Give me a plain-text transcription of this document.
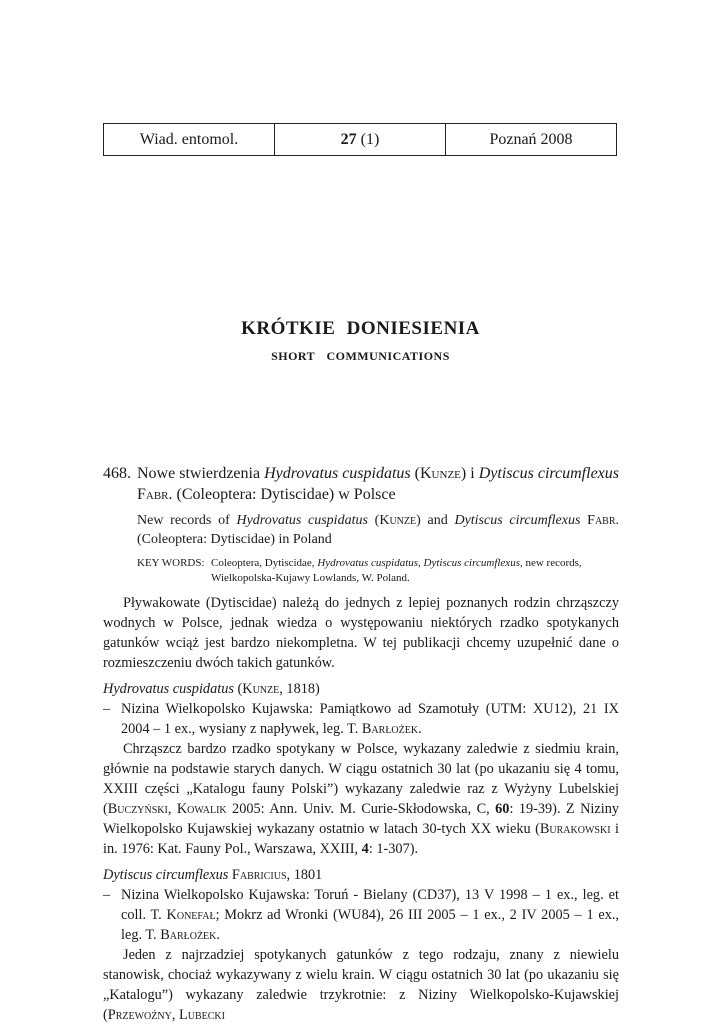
Wiad. entomol.	27 (1)	Poznań 2008
KRÓTKIE DONIESIENIA
SHORT COMMUNICATIONS
468. Nowe stwierdzenia Hydrovatus cuspidatus (Kunze) i Dytiscus circumflexus Fabr. (Coleoptera: Dytiscidae) w Polsce
New records of Hydrovatus cuspidatus (Kunze) and Dytiscus circumflexus Fabr. (Coleoptera: Dytiscidae) in Poland
KEY WORDS: Coleoptera, Dytiscidae, Hydrovatus cuspidatus, Dytiscus circumflexus, new records, Wielkopolska-Kujawy Lowlands, W. Poland.
Pływakowate (Dytiscidae) należą do jednych z lepiej poznanych rodzin chrząszczy wodnych w Polsce, jednak wiedza o występowaniu niektórych rzadko spotykanych gatunków wciąż jest bardzo niekompletna. W tej publikacji chcemy uzupełnić dane o rozmieszczeniu dwóch takich gatunków.
Hydrovatus cuspidatus (Kunze, 1818)
– Nizina Wielkopolsko Kujawska: Pamiątkowo ad Szamotuły (UTM: XU12), 21 IX 2004 – 1 ex., wysiany z napływek, leg. T. Barłożek.
Chrząszcz bardzo rzadko spotykany w Polsce, wykazany zaledwie z siedmiu krain, głównie na podstawie starych danych. W ciągu ostatnich 30 lat (po ukazaniu się 4 tomu, XXIII części „Katalogu fauny Polski”) wykazany zaledwie raz z Wyżyny Lubelskiej (Buczyński, Kowalik 2005: Ann. Univ. M. Curie-Skłodowska, C, 60: 19-39). Z Niziny Wielkopolsko Kujawskiej wykazany ostatnio w latach 30-tych XX wieku (Burakowski i in. 1976: Kat. Fauny Pol., Warszawa, XXIII, 4: 1-307).
Dytiscus circumflexus Fabricius, 1801
– Nizina Wielkopolsko Kujawska: Toruń - Bielany (CD37), 13 V 1998 – 1 ex., leg. et coll. T. Konefał; Mokrz ad Wronki (WU84), 26 III 2005 – 1 ex., 2 IV 2005 – 1 ex., leg. T. Barłożek.
Jeden z najrzadziej spotykanych gatunków z tego rodzaju, znany z niewielu stanowisk, chociaż wykazywany z wielu krain. W ciągu ostatnich 30 lat (po ukazaniu się „Katalogu”) wykazany zaledwie trzykrotnie: z Niziny Wielkopolsko-Kujawskiej (Przewoźny, Lubecki
